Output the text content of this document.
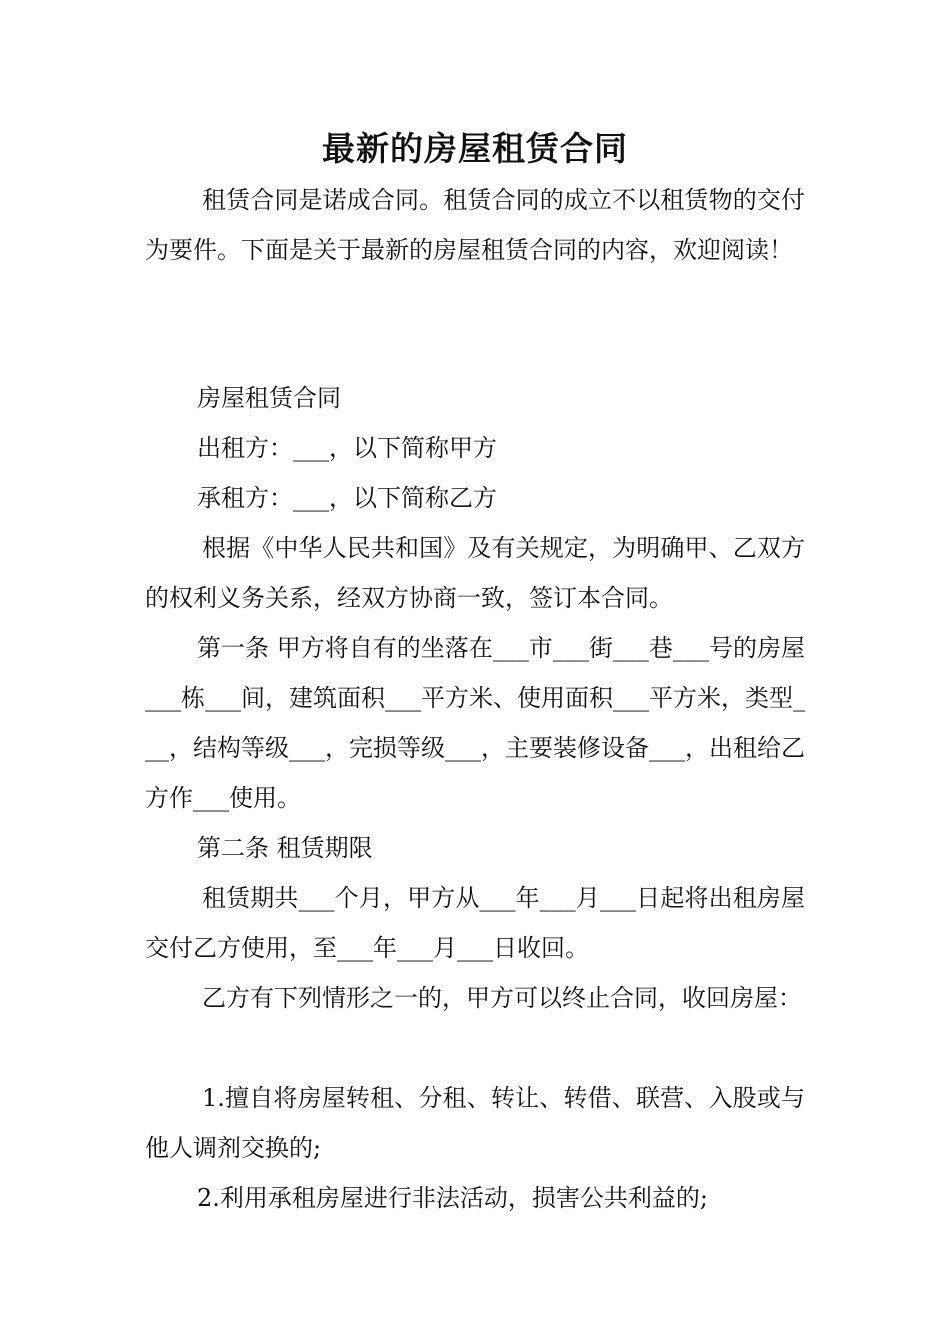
最新的房屋租赁合同

租赁合同是诺成合同。租赁合同的成立不以租赁物的交付为要件。下面是关于最新的房屋租赁合同的内容，欢迎阅读！

房屋租赁合同

出租方：___，以下简称甲方

承租方：___，以下简称乙方

根据《中华人民共和国》及有关规定，为明确甲、乙双方的权利义务关系，经双方协商一致，签订本合同。

第一条 甲方将自有的坐落在___市___街___巷___号的房屋___栋___间，建筑面积___平方米、使用面积___平方米，类型___，结构等级___，完损等级___，主要装修设备___，出租给乙方作___使用。

第二条 租赁期限

租赁期共___个月，甲方从___年___月___日起将出租房屋交付乙方使用，至___年___月___日收回。

乙方有下列情形之一的，甲方可以终止合同，收回房屋：

1.擅自将房屋转租、分租、转让、转借、联营、入股或与他人调剂交换的;

2.利用承租房屋进行非法活动，损害公共利益的;
